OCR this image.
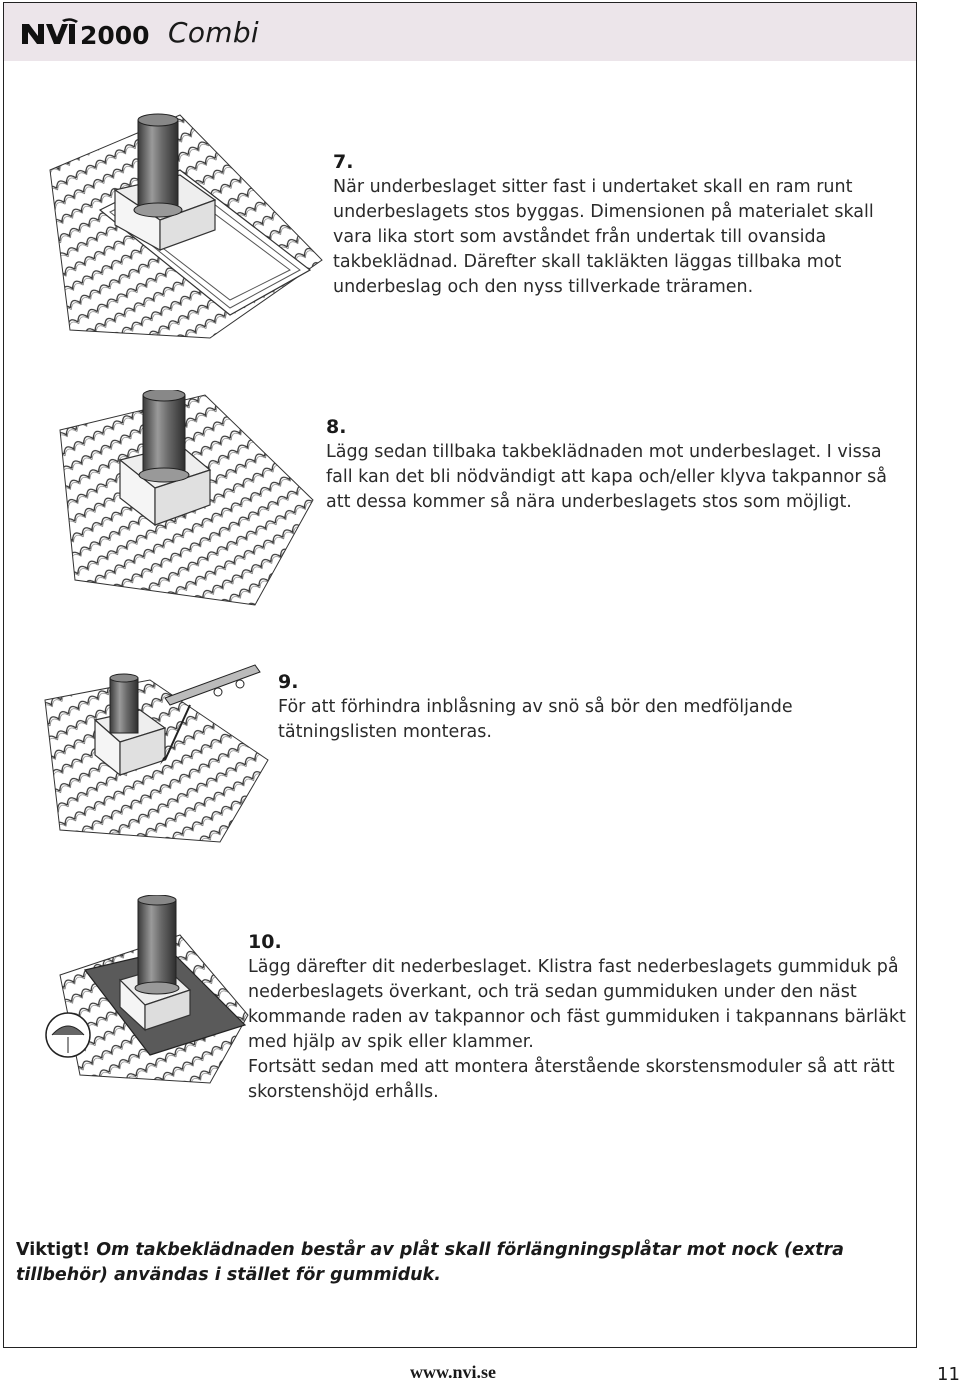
2000 Combi
7.

När underbeslaget sitter fast i undertaket skall en ram runt underbeslagets stos byggas. Dimensionen på materialet skall vara lika stort som avståndet från undertak till ovansida takbeklädnad. Därefter skall takläkten läggas tillbaka mot underbeslag och den nyss tillverkade träramen.

8.

Lägg sedan tillbaka takbeklädnaden mot underbeslaget. I vissa fall kan det bli nödvändigt att kapa och/eller klyva takpannor så att dessa kommer så nära underbeslagets stos som möjligt.

9.

För att förhindra inblåsning av snö så bör den medföljande tätningslisten monteras.

10.

Lägg därefter dit nederbeslaget. Klistra fast nederbeslagets gummiduk på nederbeslagets överkant, och trä sedan gummiduken under den näst kommande raden av takpannor och fäst gummiduken i takpannans bärläkt med hjälp av spik eller klammer.

Fortsätt sedan med att montera återstående skorstensmoduler så att rätt skorstenshöjd erhålls.

Viktigt! Om takbeklädnaden består av plåt skall förlängningsplåtar mot nock (extra tillbehör) användas i stället för gummiduk.
www.nvi.se	11
